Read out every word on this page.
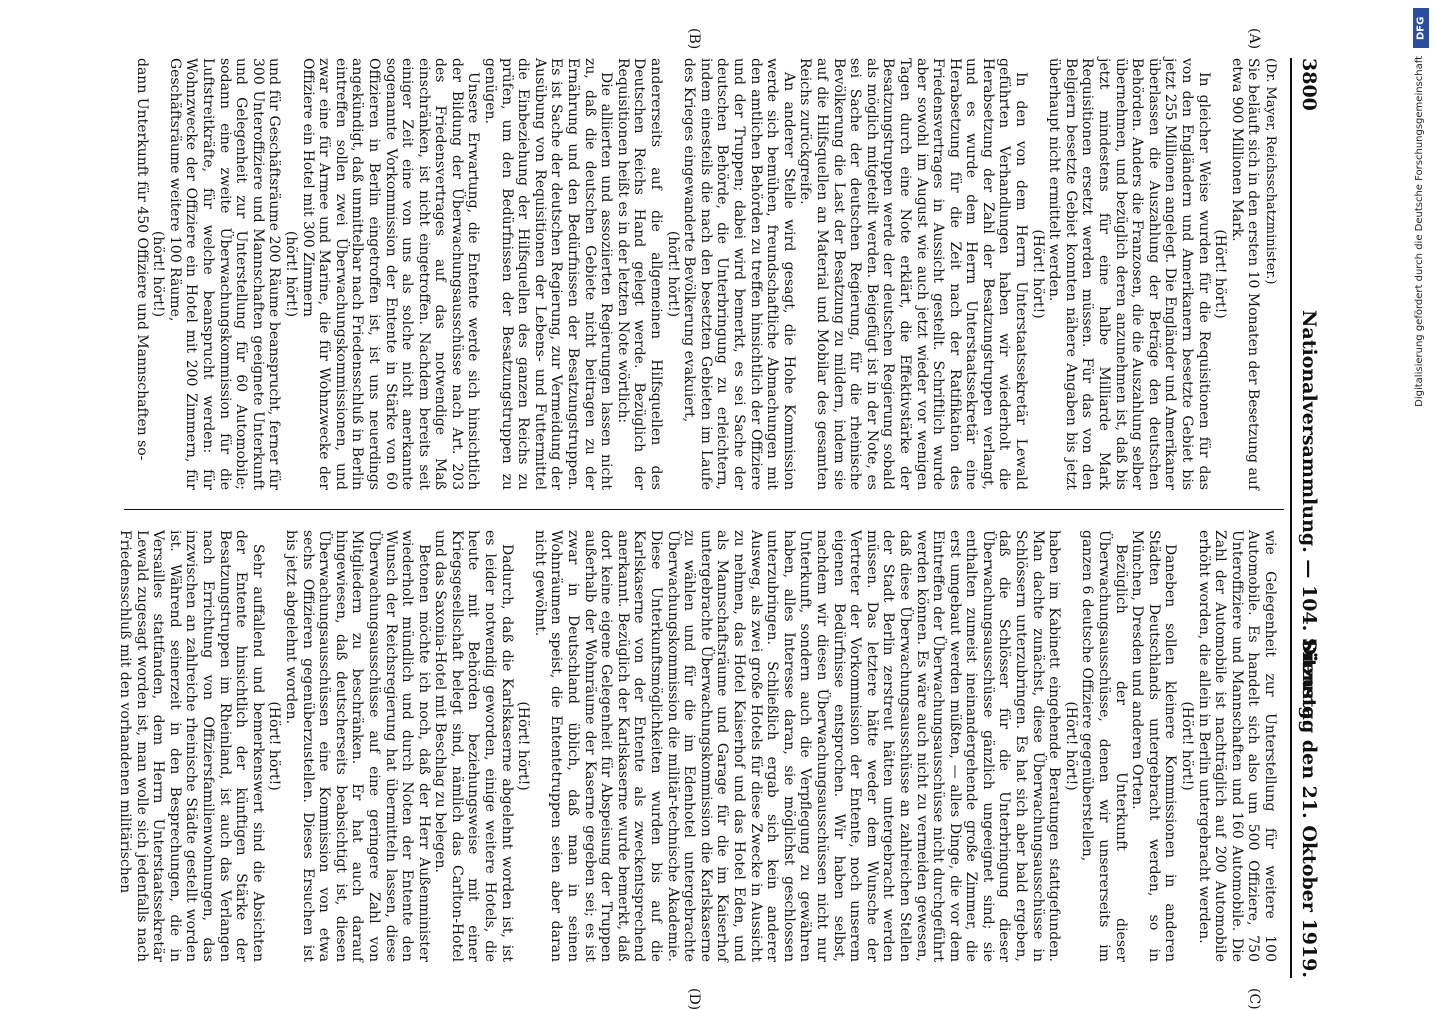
3800
Nationalversammlung. — 104. Sitzung.
Dienstag den 21. Oktober 1919.
(A)
(B)
(C)
(D)

(Dr. Mayer, Reichsschatzminister.)

Sie beläuft sich in den ersten 10 Monaten der Besetzung auf etwa 900 Millionen Mark.

(Hört! hört!)

In gleicher Weise wurden für die Requisitionen für das von den Engländern und Amerikanern besetzte Gebiet bis jetzt 255 Millionen angelegt. Die Engländer und Amerikaner überlassen die Auszahlung der Beträge den deutschen Behörden. Anders die Franzosen, die die Auszahlung selber übernehmen, und bezüglich deren anzunehmen ist, daß bis jetzt mindestens für eine halbe Milliarde Mark Requisitionen ersetzt werden müssen. Für das von den Belgiern besetzte Gebiet konnten nähere Angaben bis jetzt überhaupt nicht ermittelt werden.

(Hört! hört!)

In den von dem Herrn Unterstaatssekretär Lewald geführten Verhandlungen haben wir wiederholt die Herabsetzung der Zahl der Besatzungstruppen verlangt, und es wurde dem Herrn Unterstaatssekretär eine Herabsetzung für die Zeit nach der Ratifikation des Friedensvertrages in Aussicht gestellt. Schriftlich wurde aber sowohl im August wie auch jetzt wieder vor wenigen Tagen durch eine Note erklärt, die Effektivstärke der Besatzungstruppen werde der deutschen Regierung sobald als möglich mitgeteilt werden. Beigefügt ist in der Note, es sei Sache der deutschen Regierung, für die rheinische Bevölkerung die Last der Besatzung zu mildern, indem sie auf die Hilfsquellen an Material und Mobilar des gesamten Reichs zurückgreife.

An anderer Stelle wird gesagt, die Hohe Kommission werde sich bemühen, freundschaftliche Abmachungen mit den amtlichen Behörden zu treffen hinsichtlich der Offiziere und der Truppen; dabei wird bemerkt, es sei Sache der deutschen Behörde, die Unterbringung zu erleichtern, indem einesteils die nach den besetzten Gebieten im Laufe des Krieges eingewanderte Bevölkerung evakuiert,

(hört! hört!)

andererseits auf die allgemeinen Hilfsquellen des Deutschen Reichs Hand gelegt werde. Bezüglich der Requisitionen heißt es in der letzten Note wörtlich:

Die alliierten und assoziierten Regierungen lassen nicht zu, daß die deutschen Gebiete nicht beitragen zu der Ernährung und den Bedürfnissen der Besatzungstruppen. Es ist Sache der deutschen Regierung, zur Vermeidung der Ausübung von Requisitionen der Lebens- und Futtermittel die Einbeziehung der Hilfsquellen des ganzen Reichs zu prüfen, um den Bedürfnissen der Besatzungstruppen zu genügen.

Unsere Erwartung, die Entente werde sich hinsichtlich der Bildung der Überwachungsausschüsse nach Art. 203 des Friedensvertrages auf das notwendige Maß einschränken, ist nicht eingetroffen. Nachdem bereits seit einiger Zeit eine von uns als solche nicht anerkannte sogenannte Vorkommission der Entente in Stärke von 60 Offizieren in Berlin eingetroffen ist, ist uns neuerdings angekündigt, daß unmittelbar nach Friedensschluß in Berlin eintreffen sollen zwei Überwachungskommissionen, und zwar eine für Armee und Marine, die für Wohnzwecke der Offiziere ein Hotel mit 300 Zimmern

(hört! hört!)

und für Geschäftsräume 200 Räume beansprucht, ferner für 300 Unteroffiziere und Mannschaften geeignete Unterkunft und Gelegenheit zur Unterstellung für 60 Automobile; sodann eine zweite Überwachungskommission für die Luftstreitkräfte, für welche beansprucht werden: für Wohnzwecke der Offiziere ein Hotel mit 200 Zimmern, für Geschäftsräume weitere 100 Räume,

(hört! hört!)

dann Unterkunft für 450 Offiziere und Mannschaften so-

wie Gelegenheit zur Unterstellung für weitere 100 Automobile. Es handelt sich also um 500 Offiziere, 750 Unteroffiziere und Mannschaften und 160 Automobile. Die Zahl der Automobile ist nachträglich auf 200 Automobile erhöht worden, die allein in Berlin untergebracht werden.

(Hört! hört!)

Daneben sollen kleinere Kommissionen in anderen Städten Deutschlands untergebracht werden, so in München, Dresden und anderen Orten.

Bezüglich der Unterkunft dieser Überwachungsausschüsse, denen wir unsererseits im ganzen 6 deutsche Offiziere gegenüberstellen,

(Hört! hört!)

haben im Kabinett eingehende Beratungen stattgefunden. Man dachte zunächst, diese Überwachungsausschüsse in Schlössern unterzubringen. Es hat sich aber bald ergeben, daß die Schlösser für die Unterbringung dieser Überwachungsausschüsse gänzlich ungeeignet sind; sie enthalten zumeist ineinandergehende große Zimmer, die erst umgebaut werden müßten, — alles Dinge, die vor dem Eintreffen der Überwachungsausschüsse nicht durchgeführt werden können. Es wäre auch nicht zu vermeiden gewesen, daß diese Überwachungsausschüsse an zahlreichen Stellen der Stadt Berlin zerstreut hätten untergebracht werden müssen. Das letztere hätte weder dem Wunsche der Vertreter der Vorkommission der Entente, noch unserem eigenen Bedürfnisse entsprochen. Wir haben selbst, nachdem wir diesen Überwachungsausschüssen nicht nur Unterkunft, sondern auch die Verpflegung zu gewähren haben, alles Interesse daran, sie möglichst geschlossen unterzubringen. Schließlich ergab sich kein anderer Ausweg, als zwei große Hotels für diese Zwecke in Aussicht zu nehmen, das Hotel Kaiserhof und das Hotel Eden, und als Mannschaftsräume und Garage für die im Kaiserhof untergebrachte Überwachungskommission die Karlskaserne zu wählen und für die im Edenhotel untergebrachte Überwachungskommission die militär-technische Akademie. Diese Unterkunftsmöglichkeiten wurden bis auf die Karlskaserne von der Entente als zweckentsprechend anerkannt. Bezüglich der Karlskaserne wurde bemerkt, daß dort keine eigene Gelegenheit für Abspeisung der Truppen außerhalb der Wohnräume der Kaserne gegeben sei; es ist zwar in Deutschland üblich, daß man in seinen Wohnräumen speist, die Ententetruppen seien aber daran nicht gewöhnt.

(Hört! hört!)

Dadurch, daß die Karlskaserne abgelehnt worden ist, ist es leider notwendig geworden, einige weitere Hotels, die heute mit Behörden beziehungsweise mit einer Kriegsgesellschaft belegt sind, nämlich das Carlton-Hotel und das Saxonia-Hotel mit Beschlag zu belegen.

Betonen möchte ich noch, daß der Herr Außenminister wiederholt mündlich und durch Noten der Entente den Wunsch der Reichsregierung hat übermitteln lassen, diese Überwachungsausschüsse auf eine geringere Zahl von Mitgliedern zu beschränken. Er hat auch darauf hingewiesen, daß deutscherseits beabsichtigt ist, diesen Überwachungsausschüssen eine Kommission von etwa sechs Offizieren gegenüberzustellen. Dieses Ersuchen ist bis jetzt abgelehnt worden.

(Hört! hört!)

Sehr auffallend und bemerkenswert sind die Absichten der Entente hinsichtlich der künftigen Stärke der Besatzungstruppen im Rheinland, ist auch das Verlangen nach Errichtung von Offiziersfamilienwohnungen, das inzwischen an zahlreiche rheinische Städte gestellt worden ist. Während seinerzeit in den Besprechungen, die in Versailles stattfanden, dem Herrn Unterstaatssekretär Lewald zugesagt worden ist, man wolle sich jedenfalls nach Friedensschluß mit den vorhandenen militärischen

DFG
Digitalisierung gefördert durch die Deutsche Forschungsgemeinschaft
